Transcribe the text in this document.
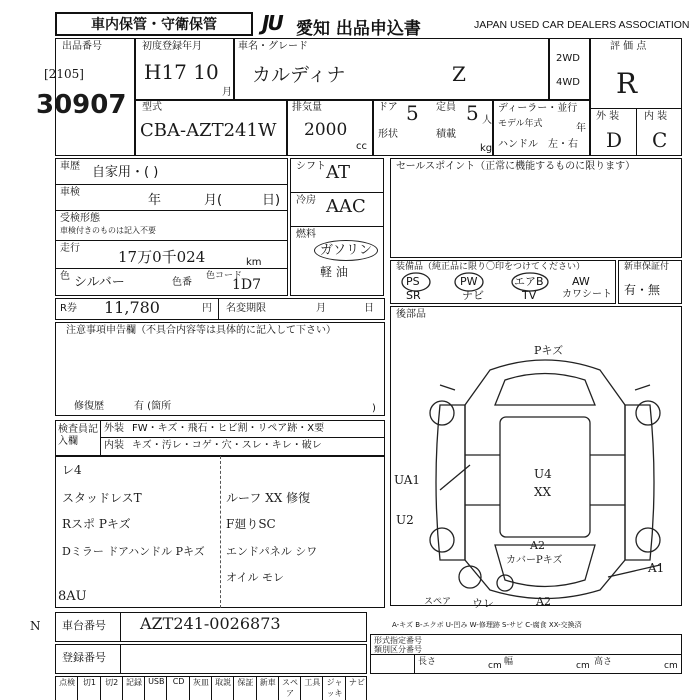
車内保管・守衛保管	JU 愛知 出品申込書	JAPAN USED CAR DEALERS ASSOCIATION
出品番号
[2105]
30907
初度登録年月
H17 10
月
車名・グレード
カルディナ	Z
2WD
4WD
評 価 点
R
外 装 内 装
D C
型式
CBA-AZT241W
排気量
2000
cc
ドア 5 定員 5 人
形状	積載
kg
ディーラー・並行
モデル年式	年
ハンドル 左・右
車歴 自家用・( )
車検
年	月(	日)
受検形態
車検付きのものは記入不要
走行	17万0千024	km
色 シルバー	色番
色コード
1D7
シフト AT
冷房 AAC
燃料
ガソリン
軽 油
セールスポイント（正常に機能するものに限ります）
装備品（純正品に限り〇印をつけてください）
PS	PW	エアB	AW
SR	ナビ	TV	カワシート
新車保証付
有・無
R券 11,780	円 名変期限	月	日
注意事項申告欄（不具合内容等は具体的に記入して下さい）
修復歴	有 (箇所	)
後部品
Pキズ
U4
XX
UA1
U2
A2
カバーPキズ
A1
スペア ウレ	A2
A-キズ B-エクボ U-凹み W-修理跡 S-サビ C-腐食 XX-交換済
検査員記入欄
外装 FW・キズ・飛石・ヒビ割・リペア跡・X要
内装 キズ・汚レ・コゲ・穴・スレ・キレ・破レ
レ4
スタッドレスT
Rスポ Pキズ
Dミラー ドアハンドル Pキズ
8AU
ルーフ XX 修復
F廻りSC
エンドパネル シワ
オイル モレ
車台番号 AZT241-0026873
登録番号
形式指定番号
類別区分番号
長さ	cm 幅	cm 高さ	cm
点検 切1	切2 記録 USB	CD	灰皿 取説 保証 新車 スペア
工具 ジャッキ
ナビ
N
